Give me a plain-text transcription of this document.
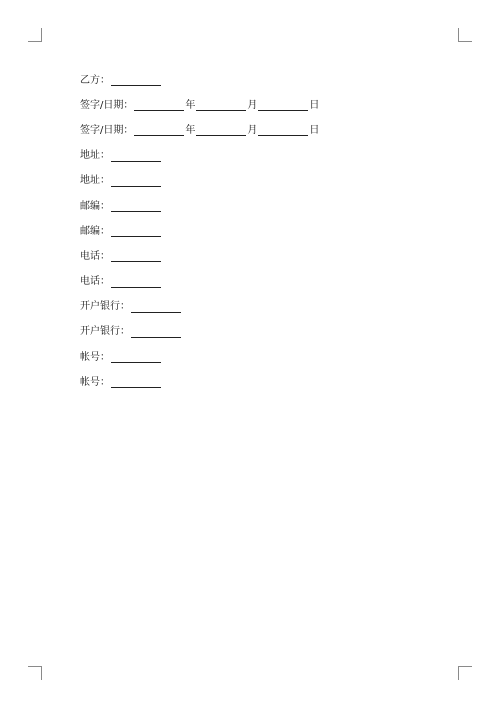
乙方：
签字/日期：	年	月	日
签字/日期：	年	月	日
地址：
地址：
邮编：
邮编：
电话：
电话：
开户银行：
开户银行：
帐号：
帐号：
